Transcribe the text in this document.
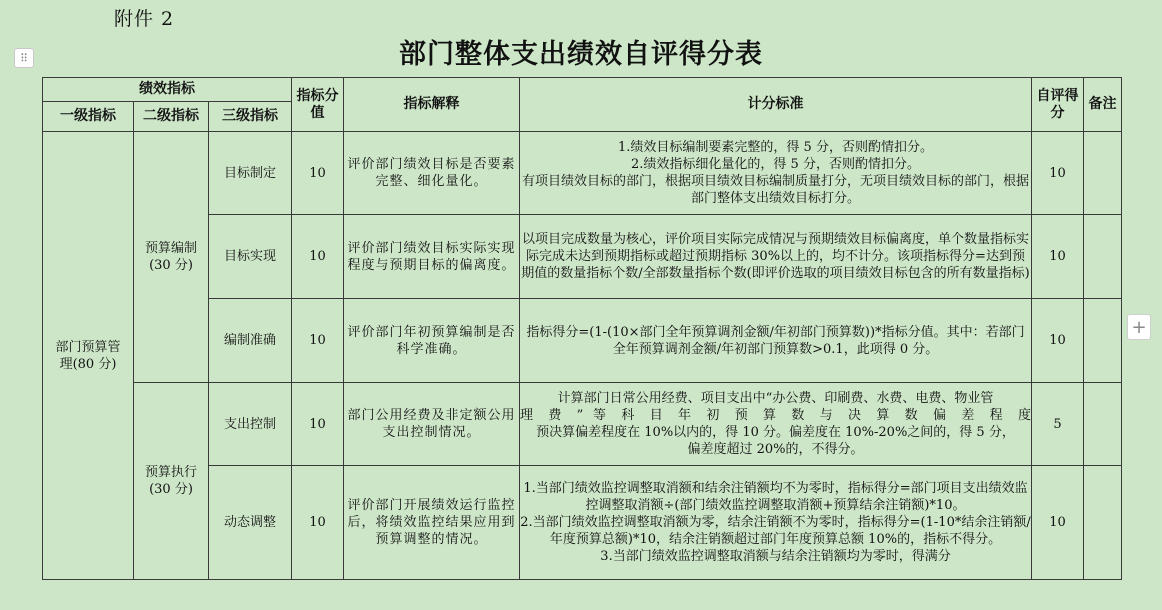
附件 2
部门整体支出绩效自评得分表
⠿
+
绩效指标			指标分值	指标解释	计分标准	自评得分	备注
一级指标	二级指标	三级指标					
部门预算管理(80 分)	预算编制(30 分)	目标制定	10	评价部门绩效目标是否要素完整、细化量化。	1.绩效目标编制要素完整的，得 5 分，否则酌情扣分。
2.绩效指标细化量化的，得 5 分，否则酌情扣分。
有项目绩效目标的部门，根据项目绩效目标编制质量打分，无项目绩效目标的部门，根据部门整体支出绩效目标打分。	10	
		目标实现	10	评价部门绩效目标实际实现程度与预期目标的偏离度。	以项目完成数量为核心，评价项目实际完成情况与预期绩效目标偏离度，单个数量指标实际完成未达到预期指标或超过预期指标 30%以上的，均不计分。该项指标得分=达到预期值的数量指标个数/全部数量指标个数(即评价选取的项目绩效目标包含的所有数量指标)	10	
		编制准确	10	评价部门年初预算编制是否科学准确。	指标得分=(1-(10×部门全年预算调剂金额/年初部门预算数))*指标分值。其中：若部门全年预算调剂金额/年初部门预算数>0.1，此项得 0 分。	10	
	预算执行(30 分)	支出控制	10	部门公用经费及非定额公用支出控制情况。	计算部门日常公用经费、项目支出中“办公费、印刷费、水费、电费、物业管
理 费 ” 等 科 目 年 初 预 算 数 与 决 算 数 偏 差 程 度
预决算偏差程度在 10%以内的，得 10 分。偏差度在 10%-20%之间的，得 5 分，
偏差度超过 20%的，不得分。	5	
		动态调整	10	评价部门开展绩效运行监控后，将绩效监控结果应用到预算调整的情况。	1.当部门绩效监控调整取消额和结余注销额均不为零时，指标得分=部门项目支出绩效监控调整取消额÷(部门绩效监控调整取消额+预算结余注销额)*10。
2.当部门绩效监控调整取消额为零，结余注销额不为零时，指标得分=(1-10*结余注销额/年度预算总额)*10，结余注销额超过部门年度预算总额 10%的，指标不得分。
3.当部门绩效监控调整取消额与结余注销额均为零时，得满分	10	
